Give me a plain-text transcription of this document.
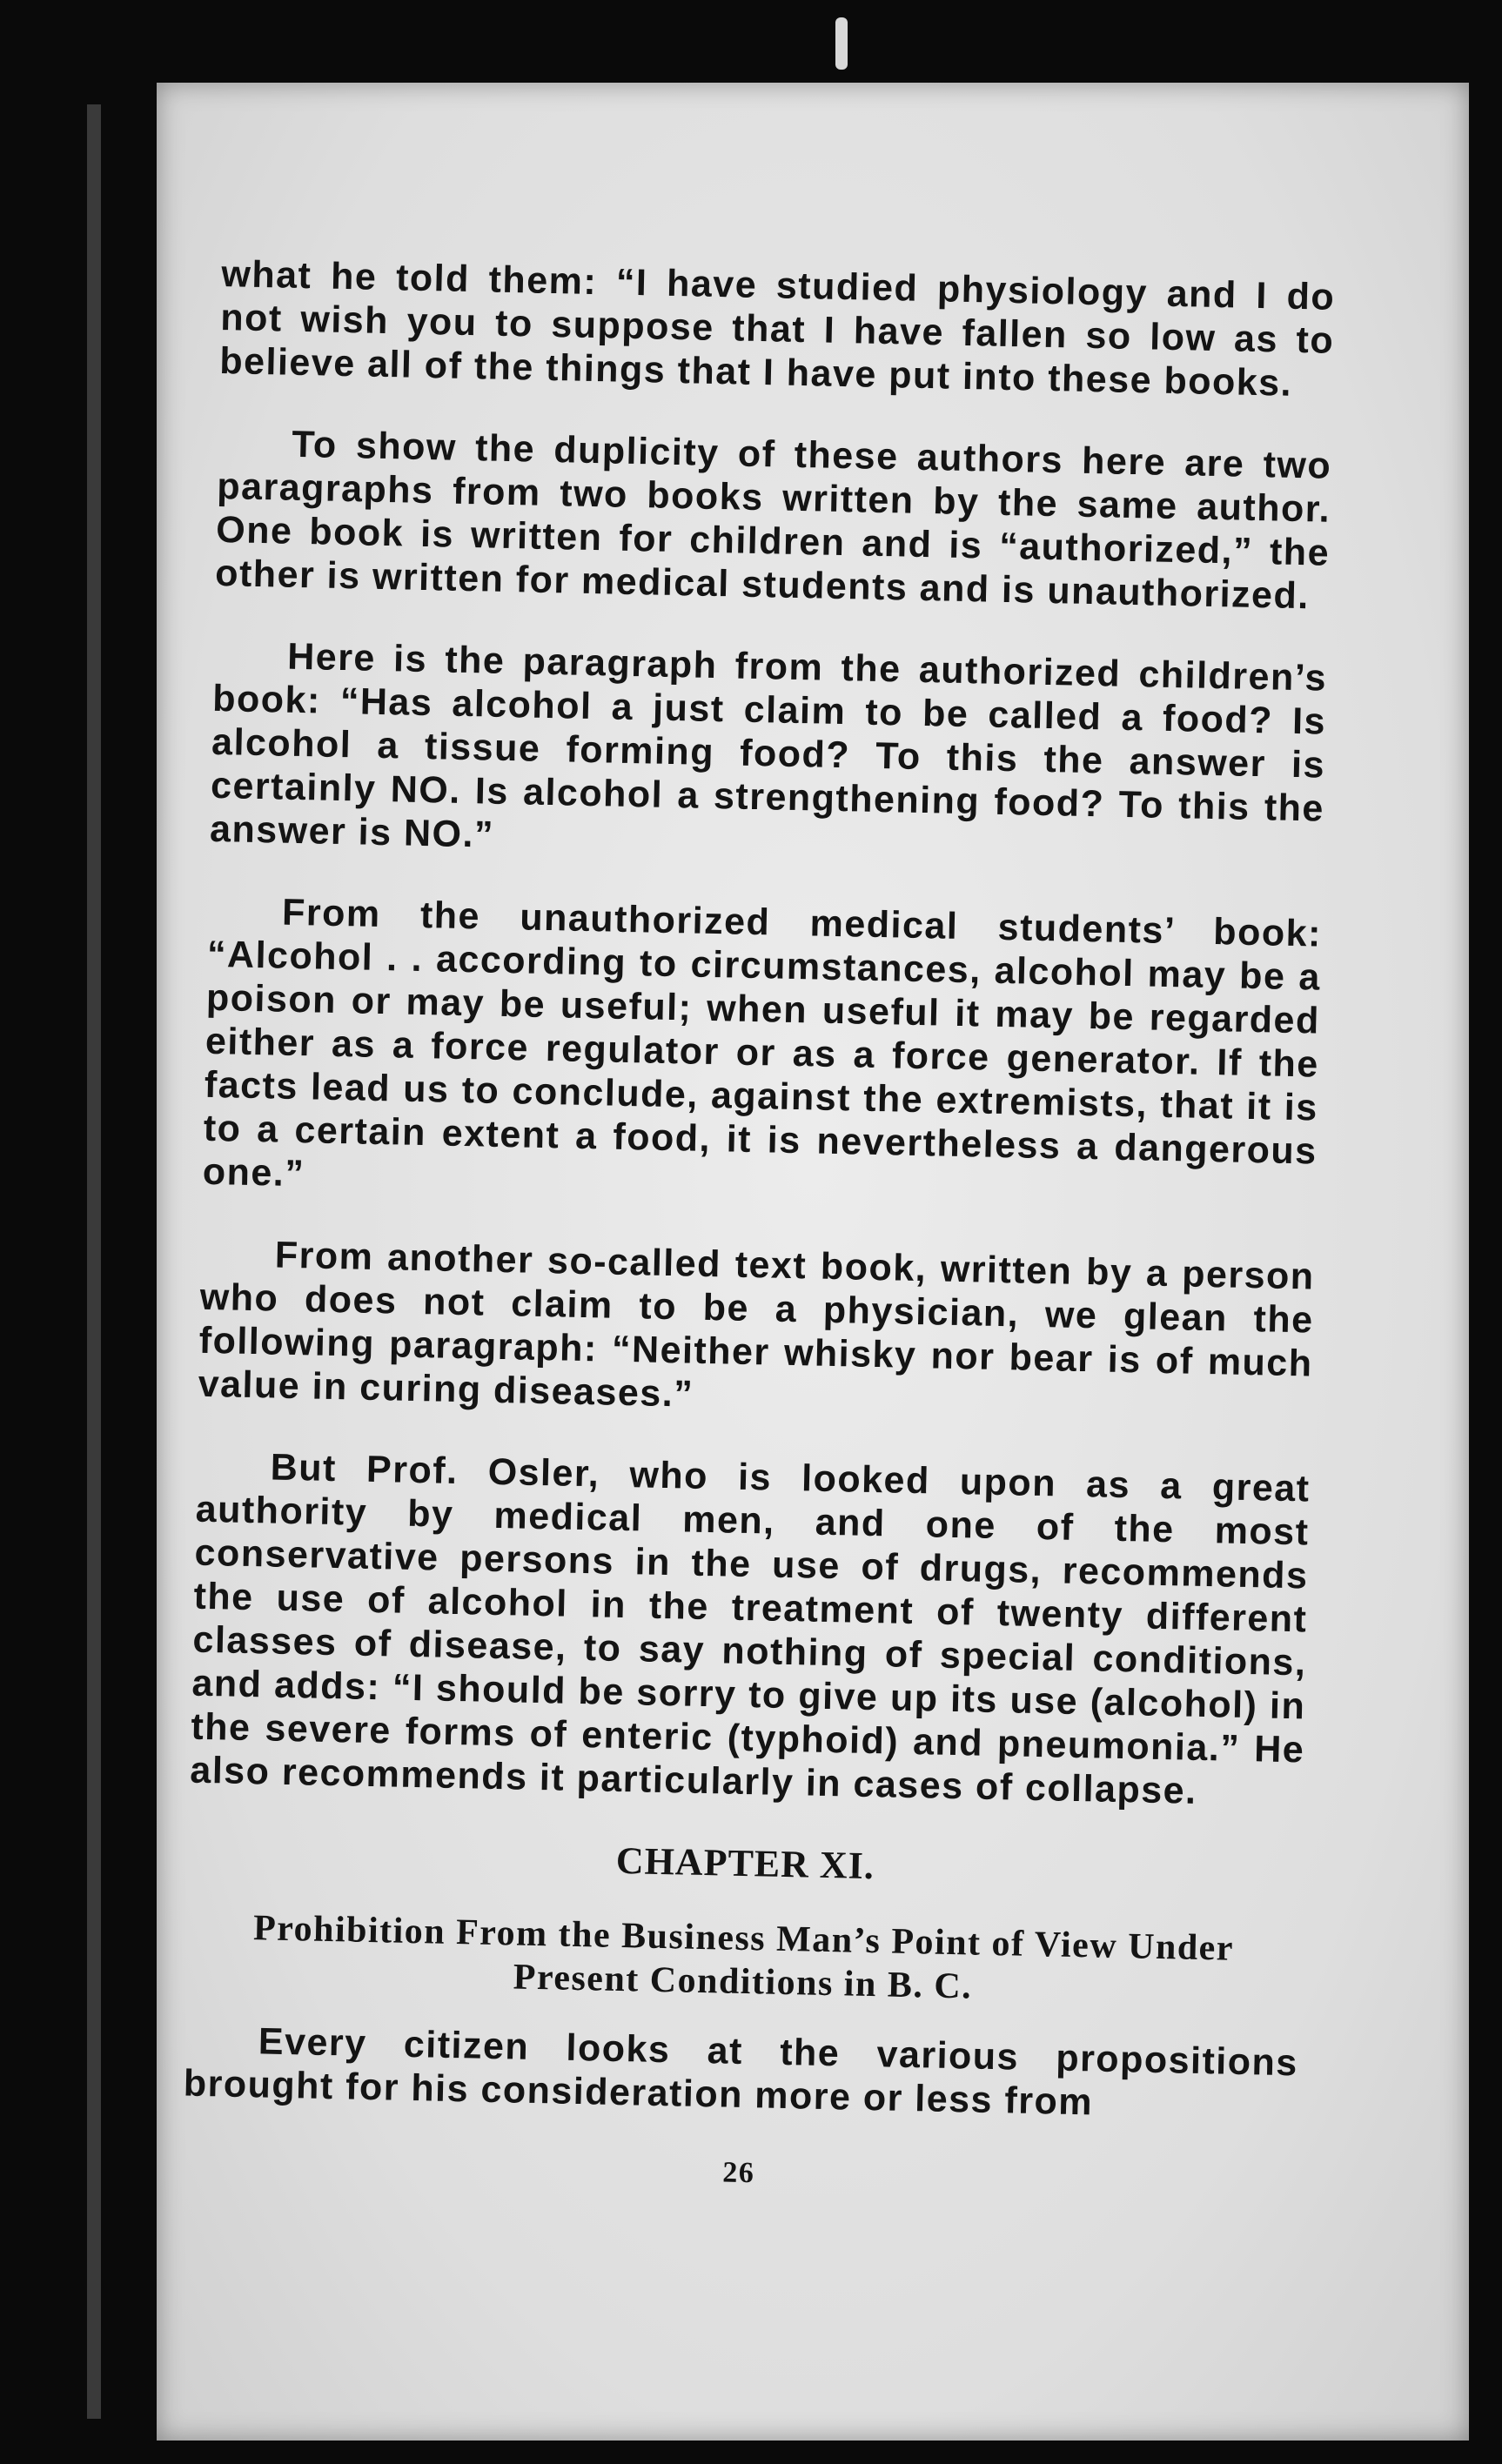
what he told them: “I have studied physiology and I do not wish you to suppose that I have fallen so low as to believe all of the things that I have put into these books.

To show the duplicity of these authors here are two paragraphs from two books written by the same author. One book is written for children and is “authorized,” the other is written for medical students and is unauthorized.

Here is the paragraph from the authorized children’s book: “Has alcohol a just claim to be called a food? Is alcohol a tissue forming food? To this the answer is certainly NO. Is alcohol a strengthening food? To this the answer is NO.”

From the unauthorized medical students’ book: “Alcohol . . according to circumstances, alcohol may be a poison or may be useful; when useful it may be regarded either as a force regulator or as a force generator. If the facts lead us to conclude, against the extremists, that it is to a certain extent a food, it is nevertheless a dangerous one.”

From another so-called text book, written by a person who does not claim to be a physician, we glean the following paragraph: “Neither whisky nor bear is of much value in curing diseases.”

But Prof. Osler, who is looked upon as a great authority by medical men, and one of the most conservative persons in the use of drugs, recommends the use of alcohol in the treatment of twenty different classes of disease, to say nothing of special conditions, and adds: “I should be sorry to give up its use (alcohol) in the severe forms of enteric (typhoid) and pneumonia.” He also recommends it particularly in cases of collapse.

CHAPTER XI.
Prohibition From the Business Man’s Point of View Under Present Conditions in B. C.

Every citizen looks at the various propositions brought for his consideration more or less from

26
